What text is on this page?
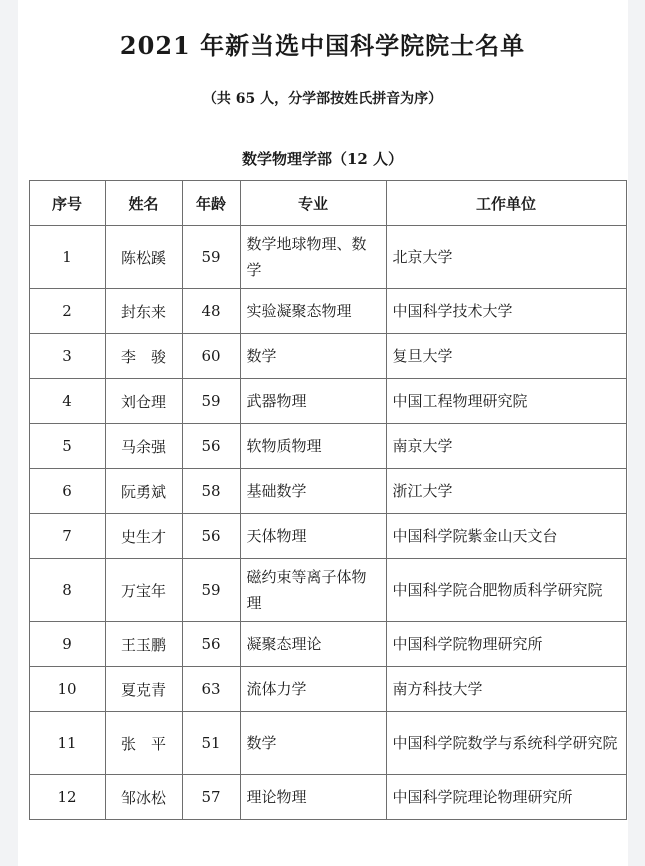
2021 年新当选中国科学院院士名单
（共 65 人，分学部按姓氏拼音为序）
数学物理学部（12 人）
序号	姓名	年龄	专业	工作单位
1	陈松蹊	59	数学地球物理、数学	北京大学
2	封东来	48	实验凝聚态物理	中国科学技术大学
3	李　骏	60	数学	复旦大学
4	刘仓理	59	武器物理	中国工程物理研究院
5	马余强	56	软物质物理	南京大学
6	阮勇斌	58	基础数学	浙江大学
7	史生才	56	天体物理	中国科学院紫金山天文台
8	万宝年	59	磁约束等离子体物理	中国科学院合肥物质科学研究院
9	王玉鹏	56	凝聚态理论	中国科学院物理研究所
10	夏克青	63	流体力学	南方科技大学
11	张　平	51	数学	中国科学院数学与系统科学研究院
12	邹冰松	57	理论物理	中国科学院理论物理研究所
